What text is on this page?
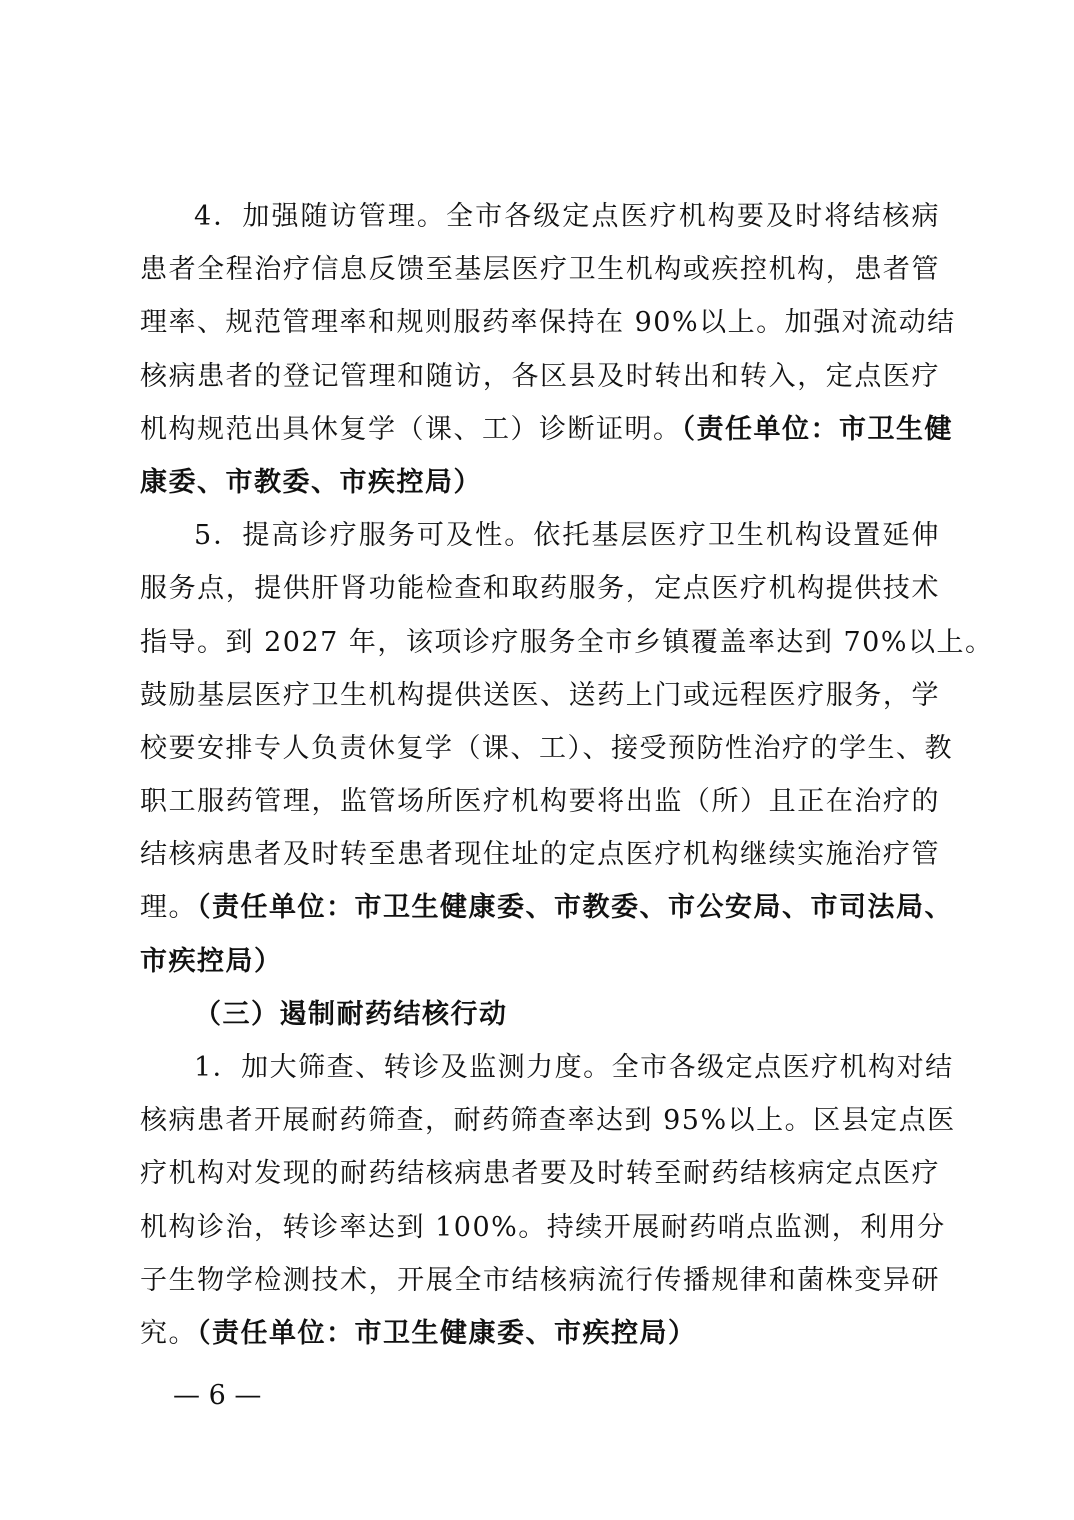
4．加强随访管理。全市各级定点医疗机构要及时将结核病
患者全程治疗信息反馈至基层医疗卫生机构或疾控机构，患者管
理率、规范管理率和规则服药率保持在 90%以上。加强对流动结
核病患者的登记管理和随访，各区县及时转出和转入，定点医疗
机构规范出具休复学（课、工）诊断证明。（责任单位：市卫生健
康委、市教委、市疾控局）
5．提高诊疗服务可及性。依托基层医疗卫生机构设置延伸
服务点，提供肝肾功能检查和取药服务，定点医疗机构提供技术
指导。到 2027 年，该项诊疗服务全市乡镇覆盖率达到 70%以上。
鼓励基层医疗卫生机构提供送医、送药上门或远程医疗服务，学
校要安排专人负责休复学（课、工）、接受预防性治疗的学生、教
职工服药管理，监管场所医疗机构要将出监（所）且正在治疗的
结核病患者及时转至患者现住址的定点医疗机构继续实施治疗管
理。（责任单位：市卫生健康委、市教委、市公安局、市司法局、
市疾控局）
（三）遏制耐药结核行动
1．加大筛查、转诊及监测力度。全市各级定点医疗机构对结
核病患者开展耐药筛查，耐药筛查率达到 95%以上。区县定点医
疗机构对发现的耐药结核病患者要及时转至耐药结核病定点医疗
机构诊治，转诊率达到 100%。持续开展耐药哨点监测，利用分
子生物学检测技术，开展全市结核病流行传播规律和菌株变异研
究。（责任单位：市卫生健康委、市疾控局）
— 6 —
